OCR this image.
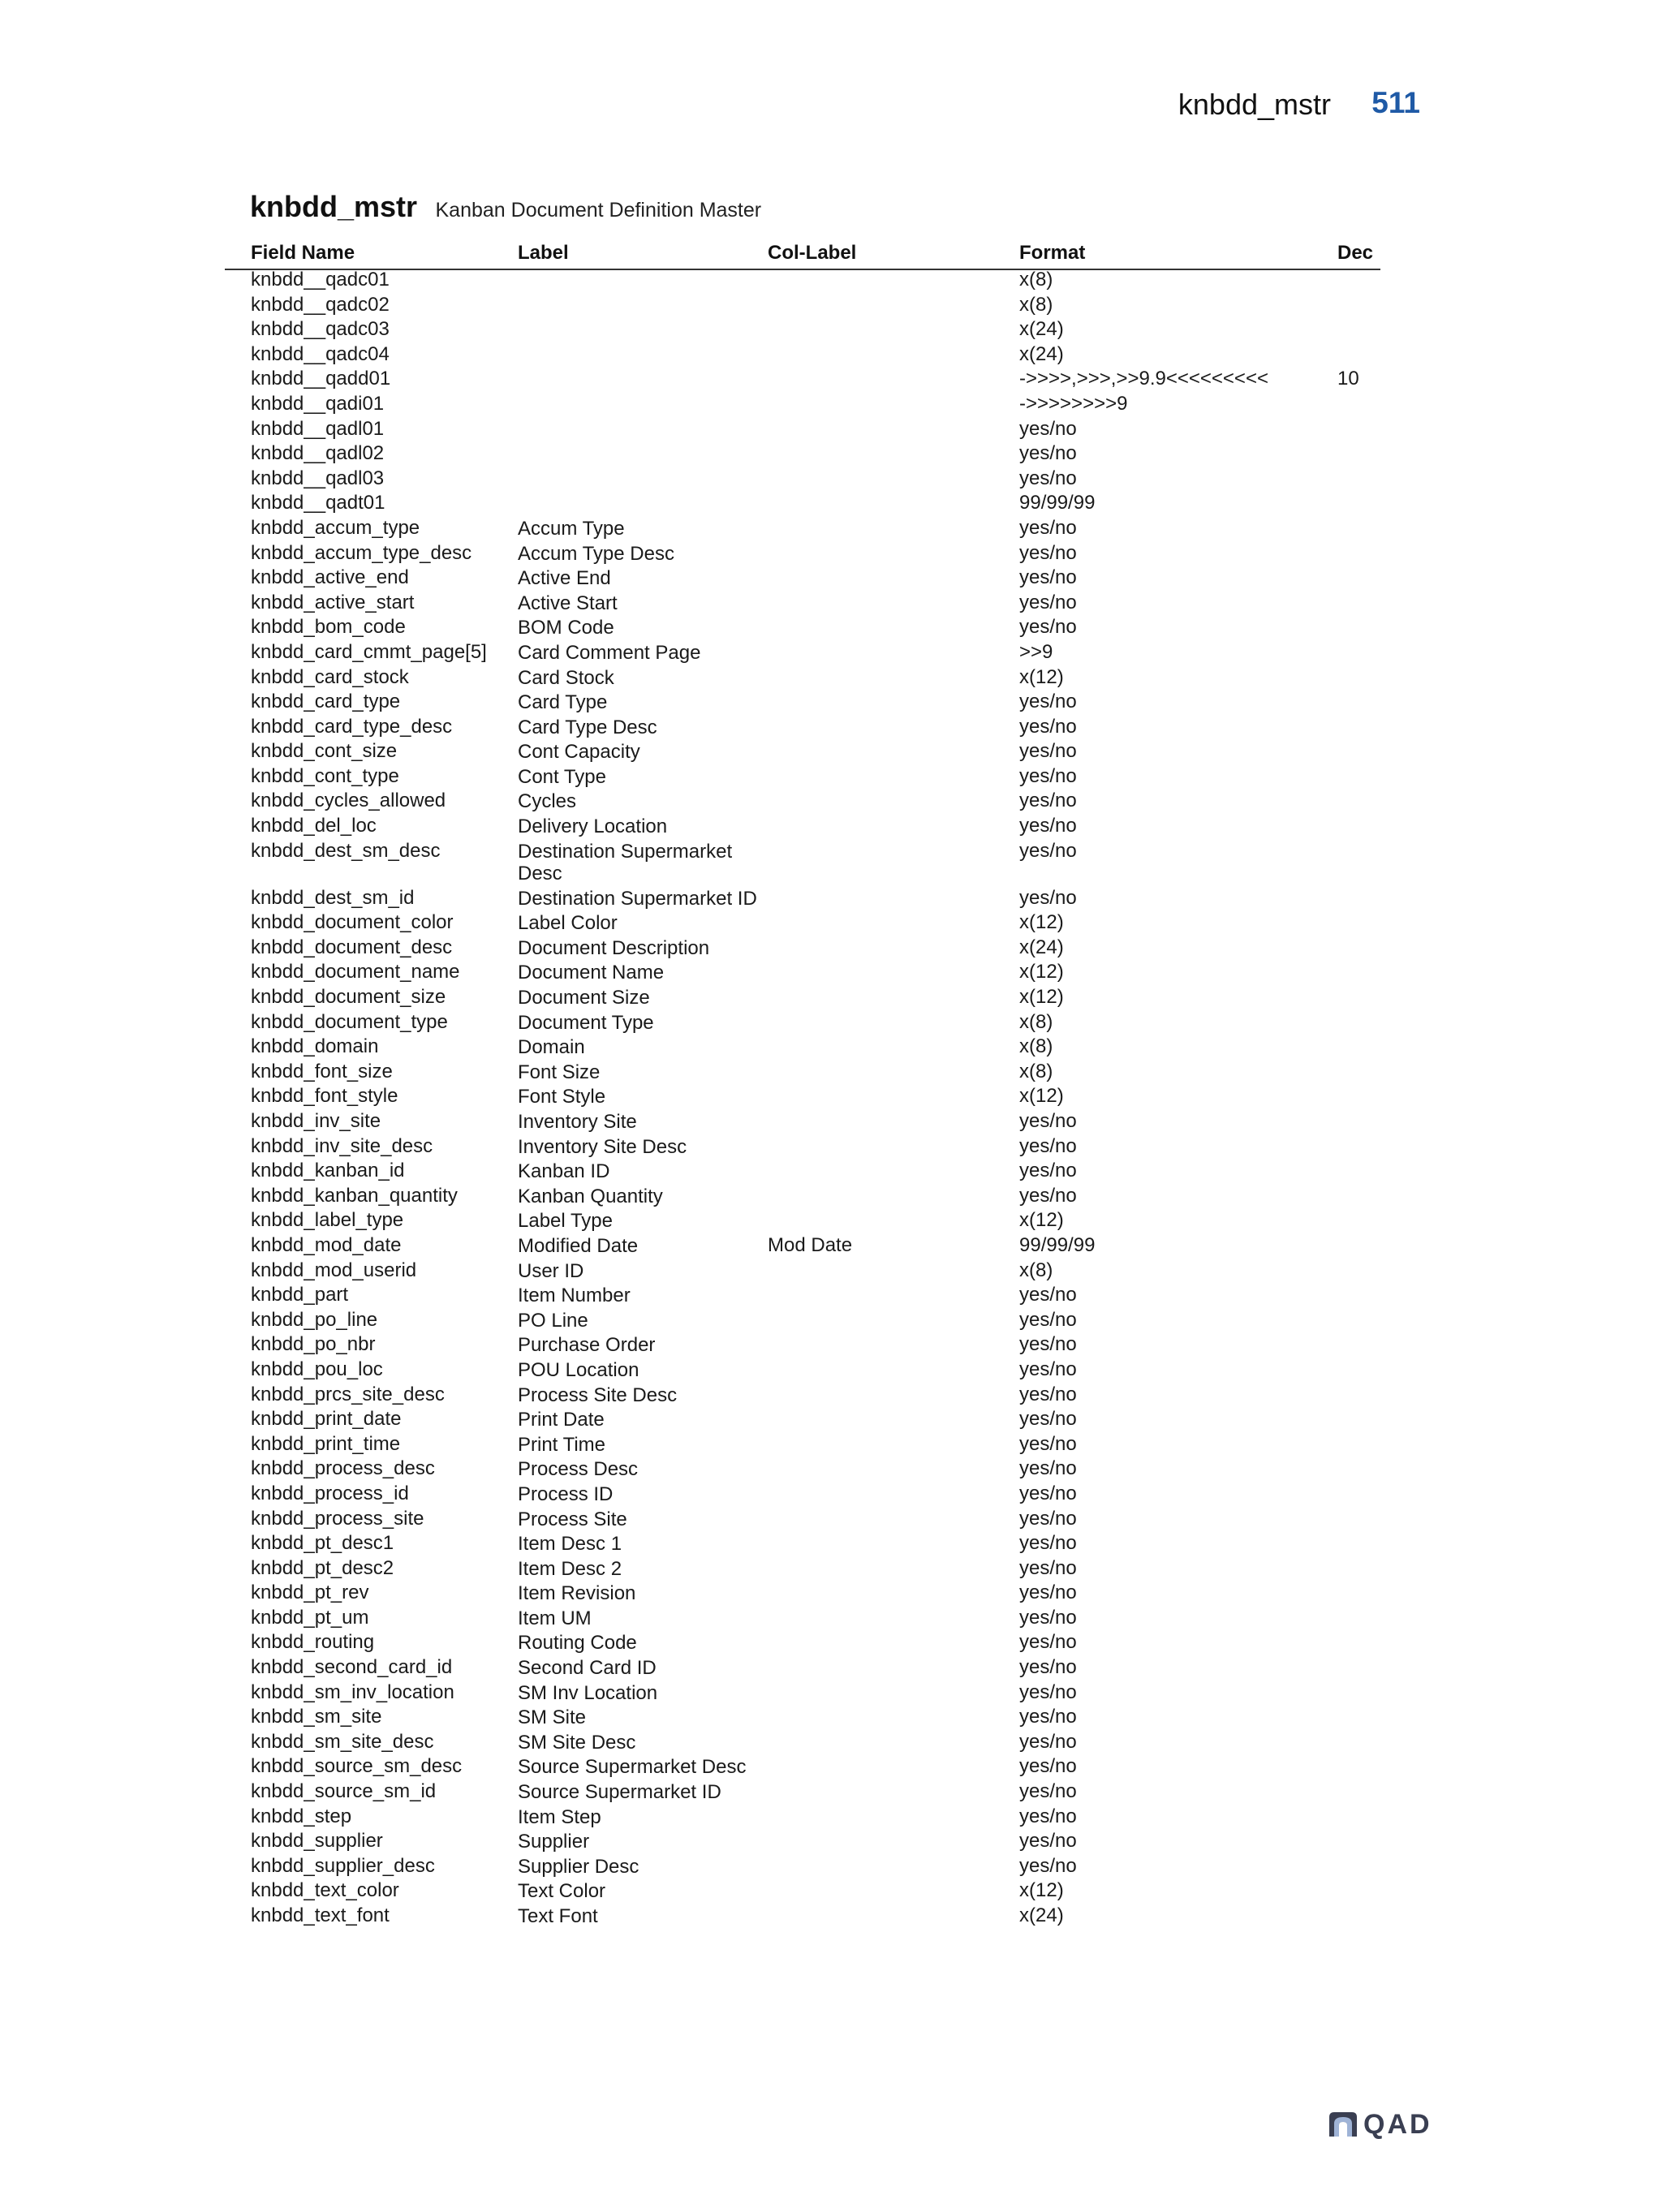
knbdd_mstr	511
knbdd_mstr Kanban Document Definition Master
Field Name	Label	Col-Label	Format	Dec
knbdd__qadc01	x(8)
knbdd__qadc02	x(8)
knbdd__qadc03	x(24)
knbdd__qadc04	x(24)
knbdd__qadd01	->>>>,>>>,>>9.9<<<<<<<<<	10
knbdd__qadi01	->>>>>>>>9
knbdd__qadl01	yes/no
knbdd__qadl02	yes/no
knbdd__qadl03	yes/no
knbdd__qadt01	99/99/99
knbdd_accum_type	Accum Type	yes/no
knbdd_accum_type_desc Accum Type Desc	yes/no
knbdd_active_end	Active End	yes/no
knbdd_active_start	Active Start	yes/no
knbdd_bom_code	BOM Code	yes/no
knbdd_card_cmmt_page[5] Card Comment Page	>>9
knbdd_card_stock	Card Stock	x(12)
knbdd_card_type	Card Type	yes/no
knbdd_card_type_desc	Card Type Desc	yes/no
knbdd_cont_size	Cont Capacity	yes/no
knbdd_cont_type	Cont Type	yes/no
knbdd_cycles_allowed	Cycles	yes/no
knbdd_del_loc	Delivery Location	yes/no
knbdd_dest_sm_desc	Destination Supermarket Desc
yes/no
knbdd_dest_sm_id	Destination Supermarket ID	yes/no
knbdd_document_color	Label Color	x(12)
knbdd_document_desc	Document Description	x(24)
knbdd_document_name	Document Name	x(12)
knbdd_document_size	Document Size	x(12)
knbdd_document_type	Document Type	x(8)
knbdd_domain	Domain	x(8)
knbdd_font_size	Font Size	x(8)
knbdd_font_style	Font Style	x(12)
knbdd_inv_site	Inventory Site	yes/no
knbdd_inv_site_desc	Inventory Site Desc	yes/no
knbdd_kanban_id	Kanban ID	yes/no
knbdd_kanban_quantity	Kanban Quantity	yes/no
knbdd_label_type	Label Type	x(12)
knbdd_mod_date	Modified Date	Mod Date	99/99/99
knbdd_mod_userid	User ID	x(8)
knbdd_part	Item Number	yes/no
knbdd_po_line	PO Line	yes/no
knbdd_po_nbr	Purchase Order	yes/no
knbdd_pou_loc	POU Location	yes/no
knbdd_prcs_site_desc	Process Site Desc	yes/no
knbdd_print_date	Print Date	yes/no
knbdd_print_time	Print Time	yes/no
knbdd_process_desc	Process Desc	yes/no
knbdd_process_id	Process ID	yes/no
knbdd_process_site	Process Site	yes/no
knbdd_pt_desc1	Item Desc 1	yes/no
knbdd_pt_desc2	Item Desc 2	yes/no
knbdd_pt_rev	Item Revision	yes/no
knbdd_pt_um	Item UM	yes/no
knbdd_routing	Routing Code	yes/no
knbdd_second_card_id	Second Card ID	yes/no
knbdd_sm_inv_location	SM Inv Location	yes/no
knbdd_sm_site	SM Site	yes/no
knbdd_sm_site_desc	SM Site Desc	yes/no
knbdd_source_sm_desc	Source Supermarket Desc	yes/no
knbdd_source_sm_id	Source Supermarket ID	yes/no
knbdd_step	Item Step	yes/no
knbdd_supplier	Supplier	yes/no
knbdd_supplier_desc	Supplier Desc	yes/no
knbdd_text_color	Text Color	x(12)
knbdd_text_font	Text Font	x(24)
QAD
